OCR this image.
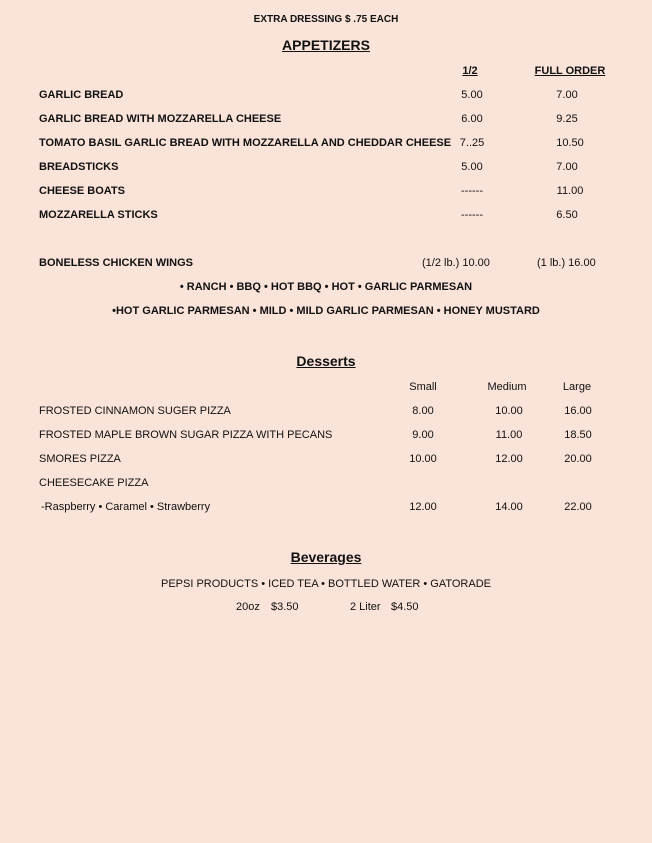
EXTRA DRESSING $ .75 EACH
APPETIZERS
1/2	FULL ORDER
GARLIC BREAD	5.00	7.00
GARLIC BREAD WITH MOZZARELLA CHEESE	6.00	9.25
TOMATO BASIL GARLIC BREAD WITH MOZZARELLA AND CHEDDAR CHEESE 7..25	10.50
BREADSTICKS	5.00	7.00
CHEESE BOATS	------	11.00
MOZZARELLA STICKS	------	6.50
BONELESS CHICKEN WINGS	(1/2 lb.) 10.00	(1 lb.) 16.00
• RANCH • BBQ • HOT BBQ • HOT • GARLIC PARMESAN
•HOT GARLIC PARMESAN • MILD • MILD GARLIC PARMESAN • HONEY MUSTARD
Desserts
Small	Medium	Large
FROSTED CINNAMON SUGER PIZZA	8.00	10.00	16.00
FROSTED MAPLE BROWN SUGAR PIZZA WITH PECANS	9.00	11.00	18.50
SMORES PIZZA	10.00	12.00	20.00
CHEESECAKE PIZZA
-Raspberry • Caramel • Strawberry	12.00	14.00	22.00
Beverages
PEPSI PRODUCTS • ICED TEA • BOTTLED WATER • GATORADE
20oz $3.50	2 Liter $4.50
